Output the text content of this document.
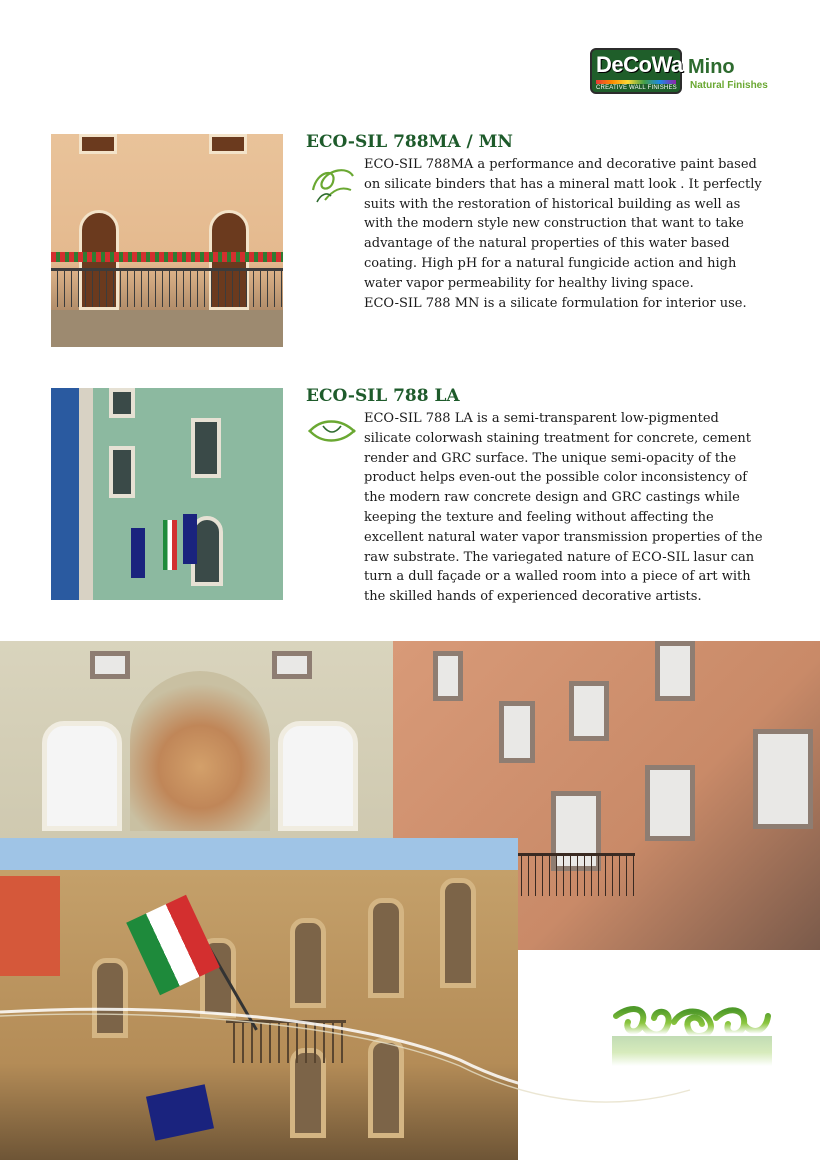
DeCoWa
CREATIVE WALL FINISHES
Mino
Natural Finishes
ECO-SIL 788MA / MN
ECO-SIL 788MA a performance and decorative paint based
on silicate binders that has a mineral matt look . It perfectly
suits with the restoration of historical building as well as
with the modern style new construction that want to take
advantage of the natural properties of this water based
coating. High pH for a natural fungicide action and high
water vapor permeability for healthy living space.
ECO-SIL 788 MN is a silicate formulation for interior use.
ECO-SIL 788 LA
ECO-SIL 788 LA is a semi-transparent low-pigmented
silicate colorwash staining treatment for concrete, cement
render and GRC surface. The unique semi-opacity of the
product helps even-out the possible color inconsistency of
the modern raw concrete design and GRC castings while
keeping the texture and feeling without affecting the
excellent natural water vapor transmission properties of the
raw substrate. The variegated nature of ECO-SIL lasur can
turn a dull façade or a walled room into a piece of art with
the skilled hands of experienced decorative artists.
